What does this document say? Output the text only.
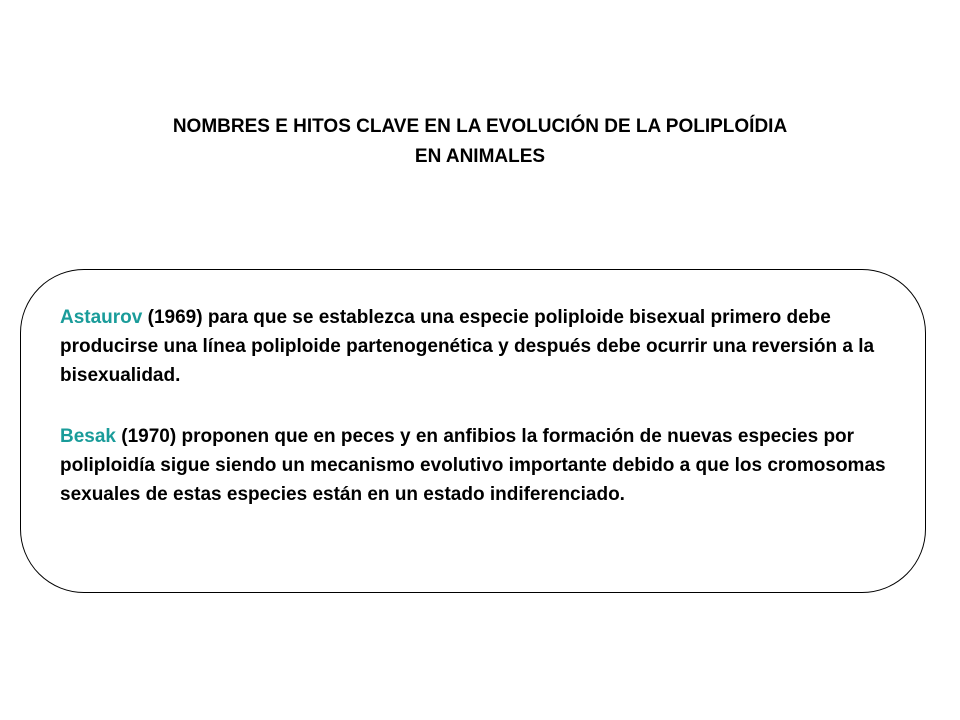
NOMBRES E HITOS CLAVE EN LA EVOLUCIÓN DE LA POLIPLOÍDIA
EN ANIMALES
Astaurov (1969) para que se establezca una especie poliploide bisexual primero debe producirse una línea poliploide partenogenética y después debe ocurrir una reversión a la bisexualidad.
Besak (1970) proponen que en peces y en anfibios la formación de nuevas especies por poliploidía sigue siendo un mecanismo evolutivo importante debido a que los cromosomas sexuales de estas especies están en un estado indiferenciado.
